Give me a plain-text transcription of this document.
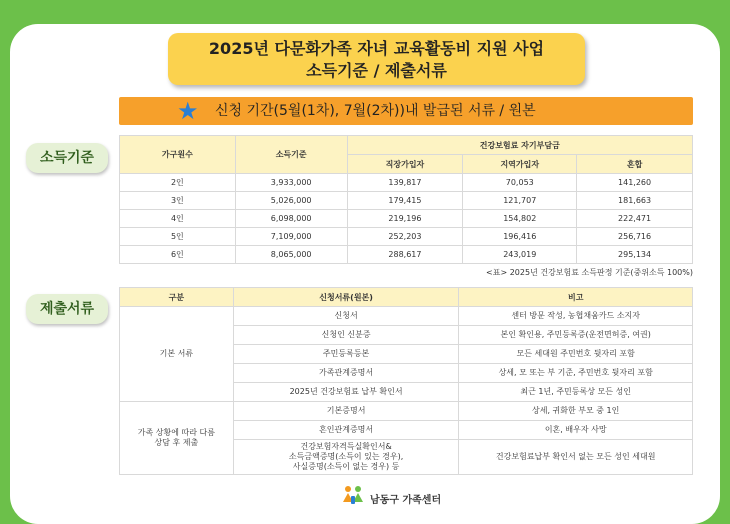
2025년 다문화가족 자녀 교육활동비 지원 사업
소득기준 / 제출서류
★ 신청 기간(5월(1차), 7월(2차))내 발급된 서류 / 원본
소득기준	가구원수	소득기준	건강보험료 자기부담금		
		직장가입자	지역가입자	혼합
2인	3,933,000	139,817	70,053	141,260
3인	5,026,000	179,415	121,707	181,663
4인	6,098,000	219,196	154,802	222,471
5인	7,109,000	252,203	196,416	256,716
6인	8,065,000	288,617	243,019	295,134
<표> 2025년 건강보험료 소득판정 기준(중위소득 100%)
제출서류
구분	신청서류(원본)	비고
기본 서류	신청서	센터 방문 작성, 농협채움카드 소지자
	신청인 신분증	본인 확인용, 주민등록증(운전면허증, 여권)
	주민등록등본	모든 세대원 주민번호 뒷자리 포함
	가족관계증명서	상세, 모 또는 부 기준, 주민번호 뒷자리 포함
	2025년 건강보험료 납부 확인서	최근 1년, 주민등록상 모든 성인

가족 상황에 따라 다름
상담 후 제출	기본증명서	상세, 귀화한 부모 중 1인
	혼인관계증명서	이혼, 배우자 사망

	건강보험자격득실확인서&
소득금액증명(소득이 있는 경우),
사실증명(소득이 없는 경우) 등	건강보험료납부 확인서 없는 모든 성인 세대원
남동구 가족센터
